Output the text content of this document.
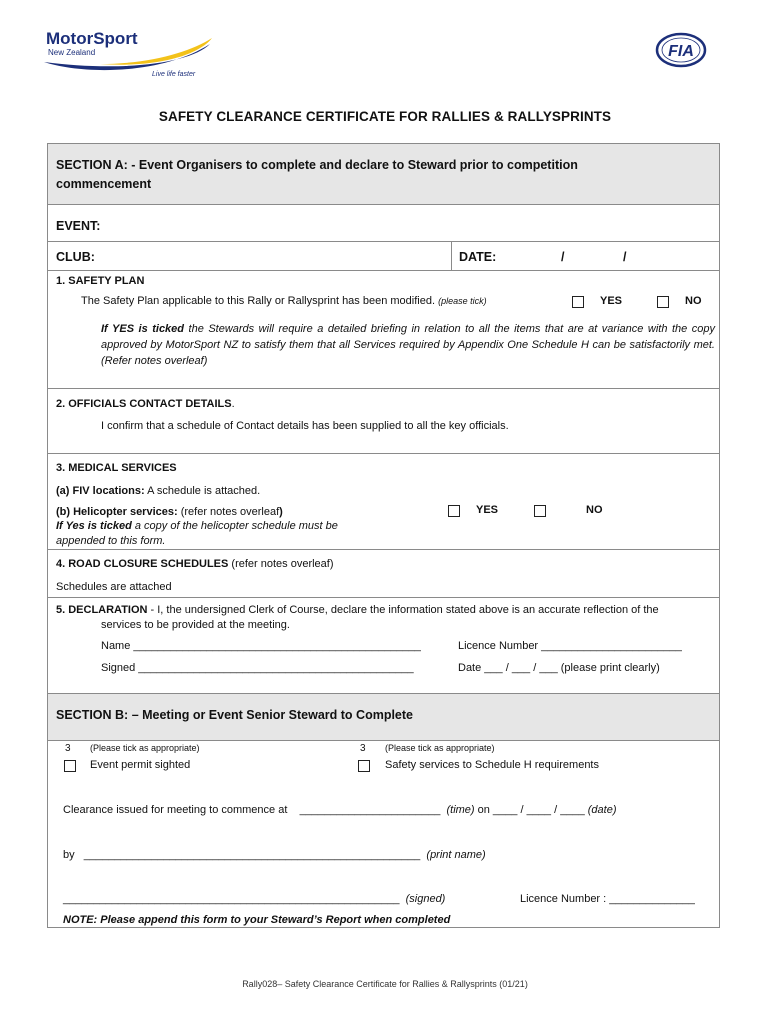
MotorSport
New Zealand
Live life faster
FIA
SAFETY CLEARANCE CERTIFICATE FOR RALLIES & RALLYSPRINTS
SECTION A: - Event Organisers to complete and declare to Steward prior to competition
commencement
EVENT:
CLUB:	DATE:	/	/
1. SAFETY PLAN
The Safety Plan applicable to this Rally or Rallysprint has been modified. (please tick)	YES	NO
If YES is ticked the Stewards will require a detailed briefing in relation to all the items that are at variance with the copy approved by MotorSport NZ to satisfy them that all Services required by Appendix One Schedule H can be satisfactorily met. (Refer notes overleaf)
2. OFFICIALS CONTACT DETAILS.
I confirm that a schedule of Contact details has been supplied to all the key officials.
3. MEDICAL SERVICES
(a) FIV locations: A schedule is attached.
(b) Helicopter services: (refer notes overleaf)
If Yes is ticked a copy of the helicopter schedule must be
appended to this form.
YES	NO
4. ROAD CLOSURE SCHEDULES (refer notes overleaf)
Schedules are attached
5. DECLARATION - I, the undersigned Clerk of Course, declare the information stated above is an accurate reflection of the
services to be provided at the meeting.
Name _______________________________________________	Licence Number _______________________
Signed _____________________________________________	Date ___ / ___ / ___ (please print clearly)
SECTION B: – Meeting or Event Senior Steward to Complete
3 (Please tick as appropriate)
Event permit sighted
3 (Please tick as appropriate)
Safety services to Schedule H requirements
Clearance issued for meeting to commence at _______________________ (time) on ____ / ____ / ____ (date)
by _______________________________________________________ (print name)
_______________________________________________________ (signed)	Licence Number : ______________
NOTE: Please append this form to your Steward’s Report when completed
Rally028– Safety Clearance Certificate for Rallies & Rallysprints (01/21)
